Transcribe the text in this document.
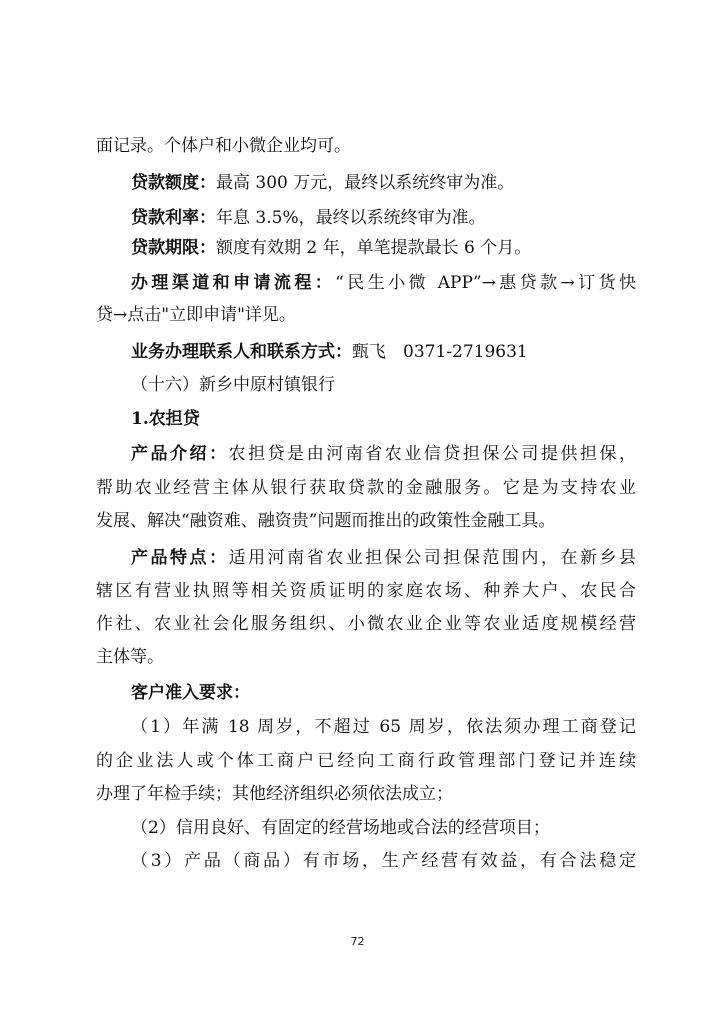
面记录。个体户和小微企业均可。
贷款额度：最高 300 万元，最终以系统终审为准。
贷款利率：年息 3.5%，最终以系统终审为准。
贷款期限：额度有效期 2 年，单笔提款最长 6 个月。
办理渠道和申请流程：“民生小微 APP”→惠贷款→订货快
贷→点击"立即申请"详见。
业务办理联系人和联系方式：甄飞　0371-2719631
（十六）新乡中原村镇银行
1.农担贷
产品介绍：农担贷是由河南省农业信贷担保公司提供担保，
帮助农业经营主体从银行获取贷款的金融服务。它是为支持农业
发展、解决“融资难、融资贵”问题而推出的政策性金融工具。
产品特点：适用河南省农业担保公司担保范围内，在新乡县
辖区有营业执照等相关资质证明的家庭农场、种养大户、农民合
作社、农业社会化服务组织、小微农业企业等农业适度规模经营
主体等。
客户准入要求：
（1）年满 18 周岁，不超过 65 周岁，依法须办理工商登记
的企业法人或个体工商户已经向工商行政管理部门登记并连续
办理了年检手续；其他经济组织必须依法成立；
（2）信用良好、有固定的经营场地或合法的经营项目；
（3）产品（商品）有市场，生产经营有效益，有合法稳定
72
